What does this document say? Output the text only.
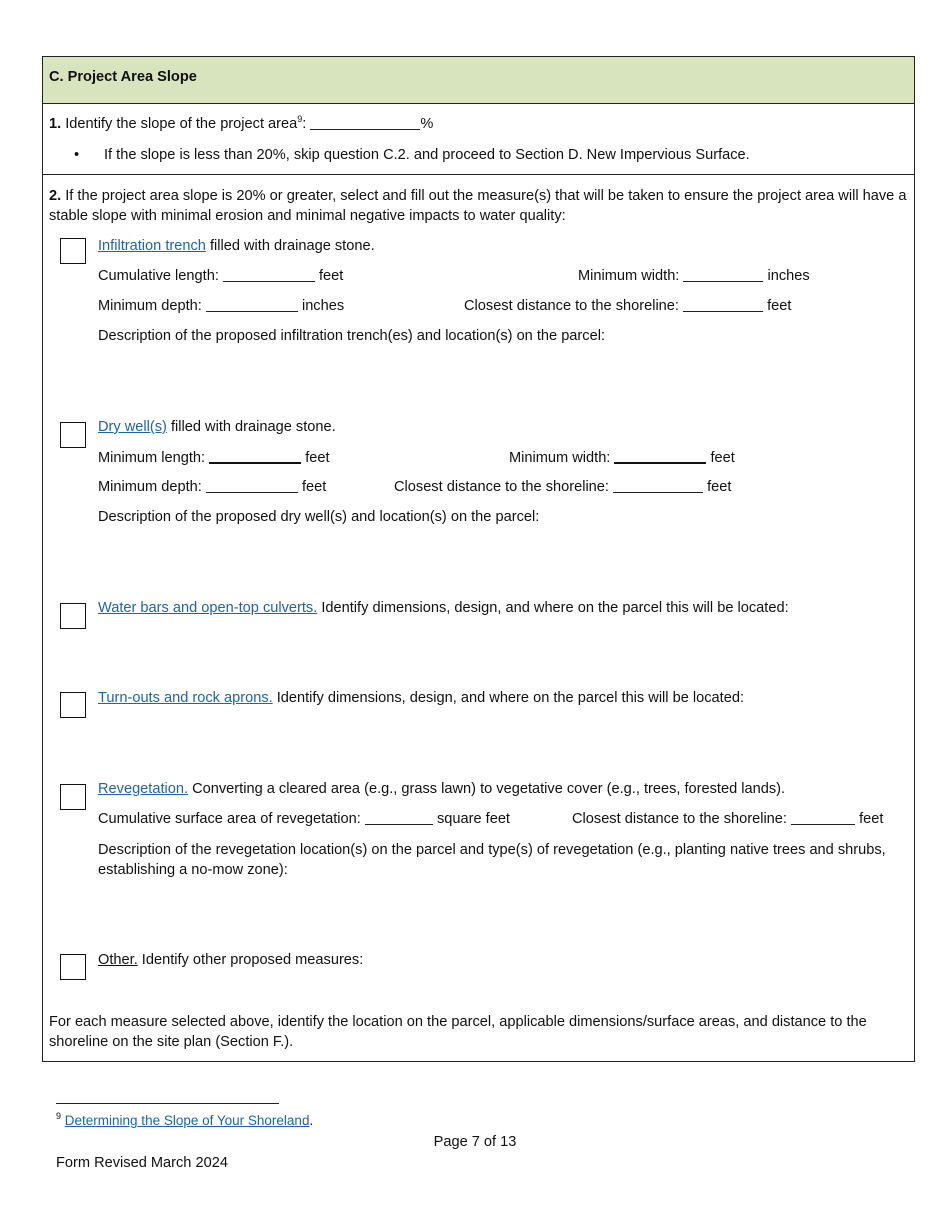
C. Project Area Slope
1. Identify the slope of the project area$^9$:	%
• If the slope is less than 20%, skip question C.2. and proceed to Section D. New Impervious Surface.
2. If the project area slope is 20% or greater, select and fill out the measure(s) that will be taken to ensure the project area will have a stable slope with minimal erosion and minimal negative impacts to water quality:
Infiltration trench filled with drainage stone.
Cumulative length:	feet	Minimum width:	inches
Minimum depth:	inches	Closest distance to the shoreline:	feet
Description of the proposed infiltration trench(es) and location(s) on the parcel:
Dry well(s) filled with drainage stone.
Minimum length:	feet	Minimum width:	feet
Minimum depth:	feet	Closest distance to the shoreline:	feet
Description of the proposed dry well(s) and location(s) on the parcel:
Water bars and open-top culverts. Identify dimensions, design, and where on the parcel this will be located:
Turn-outs and rock aprons. Identify dimensions, design, and where on the parcel this will be located:
Revegetation. Converting a cleared area (e.g., grass lawn) to vegetative cover (e.g., trees, forested lands).
Cumulative surface area of revegetation:	square feet	Closest distance to the shoreline:	feet
Description of the revegetation location(s) on the parcel and type(s) of revegetation (e.g., planting native trees and shrubs, establishing a no-mow zone):
Other. Identify other proposed measures:
For each measure selected above, identify the location on the parcel, applicable dimensions/surface areas, and distance to the shoreline on the site plan (Section F.).
$^9$ Determining the Slope of Your Shoreland.
Page 7 of 13
Form Revised March 2024
